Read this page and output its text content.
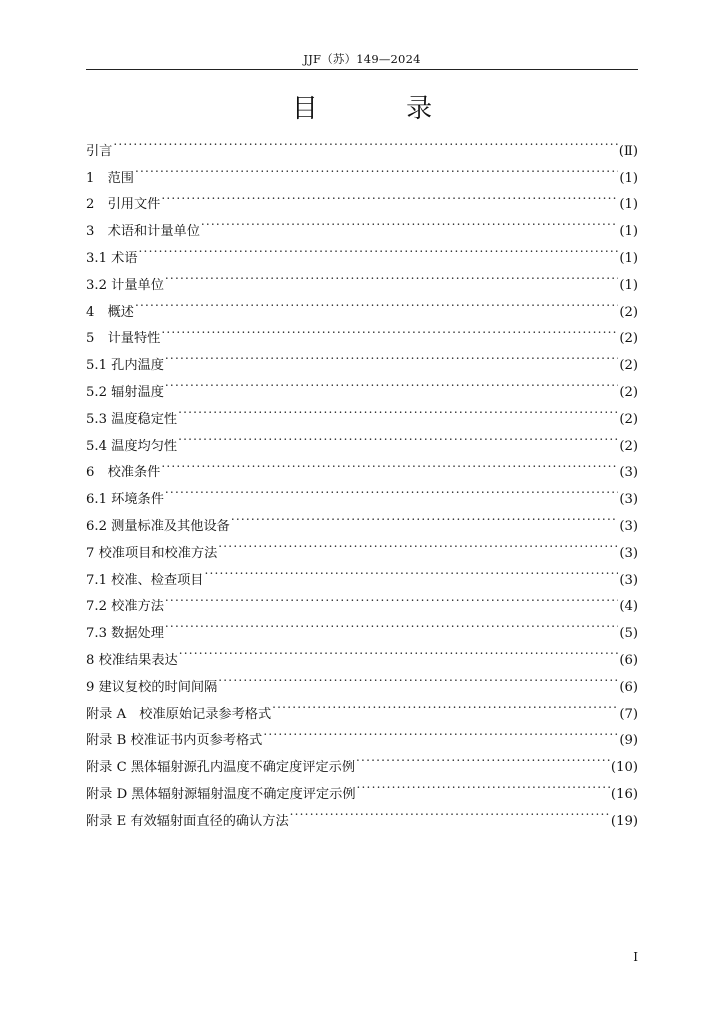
JJF（苏）149—2024
目 录
引言 .....	(Ⅱ)
1　范围 .....	(1)
2　引用文件 .....	(1)
3　术语和计量单位 .....	(1)
3.1 术语 .....	(1)
3.2 计量单位 .....	(1)
4　概述 .....	(2)
5　计量特性 .....	(2)
5.1 孔内温度 .....	(2)
5.2 辐射温度 .....	(2)
5.3 温度稳定性 .....	(2)
5.4 温度均匀性 .....	(2)
6　校准条件 .....	(3)
6.1 环境条件 .....	(3)
6.2 测量标准及其他设备 .....	(3)
7 校准项目和校准方法 .....	(3)
7.1 校准、检查项目 .....	(3)
7.2 校准方法 .....	(4)
7.3 数据处理 .....	(5)
8 校准结果表达 .....	(6)
9 建议复校的时间间隔 .....	(6)
附录 A　校准原始记录参考格式 .....	(7)
附录 B 校准证书内页参考格式 .....	(9)
附录 C 黑体辐射源孔内温度不确定度评定示例 .....	(10)
附录 D 黑体辐射源辐射温度不确定度评定示例 .....	(16)
附录 E 有效辐射面直径的确认方法 .....	(19)
I
